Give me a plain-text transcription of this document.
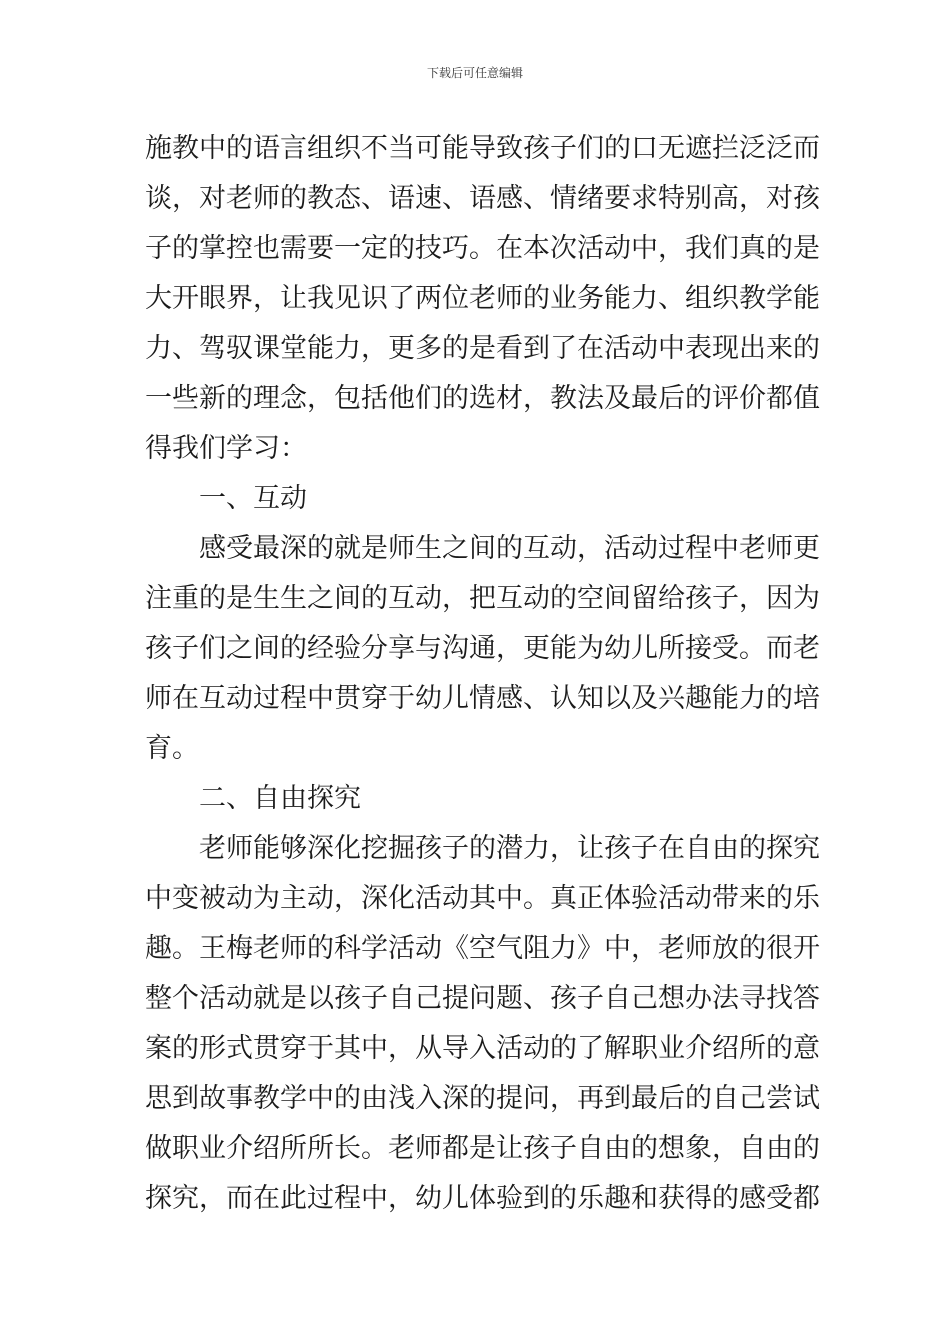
下载后可任意编辑
施教中的语言组织不当可能导致孩子们的口无遮拦泛泛而
谈，对老师的教态、语速、语感、情绪要求特别高，对孩
子的掌控也需要一定的技巧。在本次活动中，我们真的是
大开眼界，让我见识了两位老师的业务能力、组织教学能
力、驾驭课堂能力，更多的是看到了在活动中表现出来的
一些新的理念，包括他们的选材，教法及最后的评价都值
得我们学习：
一、互动
感受最深的就是师生之间的互动，活动过程中老师更
注重的是生生之间的互动，把互动的空间留给孩子，因为
孩子们之间的经验分享与沟通，更能为幼儿所接受。而老
师在互动过程中贯穿于幼儿情感、认知以及兴趣能力的培
育。
二、自由探究
老师能够深化挖掘孩子的潜力，让孩子在自由的探究
中变被动为主动，深化活动其中。真正体验活动带来的乐
趣。王梅老师的科学活动《空气阻力》中，老师放的很开
整个活动就是以孩子自己提问题、孩子自己想办法寻找答
案的形式贯穿于其中，从导入活动的了解职业介绍所的意
思到故事教学中的由浅入深的提问，再到最后的自己尝试
做职业介绍所所长。老师都是让孩子自由的想象，自由的
探究，而在此过程中，幼儿体验到的乐趣和获得的感受都
